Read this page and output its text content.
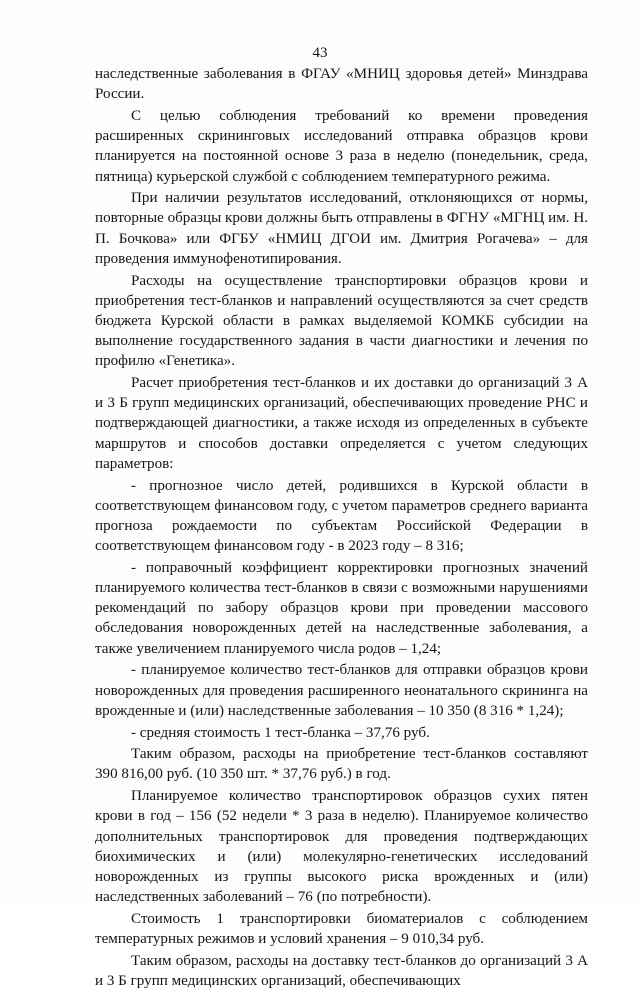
43

наследственные заболевания в ФГАУ «МНИЦ здоровья детей» Минздрава России.

С целью соблюдения требований ко времени проведения расширенных скрининговых исследований отправка образцов крови планируется на постоянной основе 3 раза в неделю (понедельник, среда, пятница) курьерской службой с соблюдением температурного режима.

При наличии результатов исследований, отклоняющихся от нормы, повторные образцы крови должны быть отправлены в ФГНУ «МГНЦ им. Н. П. Бочкова» или ФГБУ «НМИЦ ДГОИ им. Дмитрия Рогачева» – для проведения иммунофенотипирования.

Расходы на осуществление транспортировки образцов крови и приобретения тест-бланков и направлений осуществляются за счет средств бюджета Курской области в рамках выделяемой КОМКБ субсидии на выполнение государственного задания в части диагностики и лечения по профилю «Генетика».

Расчет приобретения тест-бланков и их доставки до организаций 3 А и 3 Б групп медицинских организаций, обеспечивающих проведение РНС и подтверждающей диагностики, а также исходя из определенных в субъекте маршрутов и способов доставки определяется с учетом следующих параметров:

- прогнозное число детей, родившихся в Курской области в соответствующем финансовом году, с учетом параметров среднего варианта прогноза рождаемости по субъектам Российской Федерации в соответствующем финансовом году - в 2023 году – 8 316;

- поправочный коэффициент корректировки прогнозных значений планируемого количества тест-бланков в связи с возможными нарушениями рекомендаций по забору образцов крови при проведении массового обследования новорожденных детей на наследственные заболевания, а также увеличением планируемого числа родов – 1,24;

- планируемое количество тест-бланков для отправки образцов крови новорожденных для проведения расширенного неонатального скрининга на врожденные и (или) наследственные заболевания – 10 350 (8 316 * 1,24);

- средняя стоимость 1 тест-бланка – 37,76 руб.

Таким образом, расходы на приобретение тест-бланков составляют 390 816,00 руб. (10 350 шт. * 37,76 руб.) в год.

Планируемое количество транспортировок образцов сухих пятен крови в год – 156 (52 недели * 3 раза в неделю). Планируемое количество дополнительных транспортировок для проведения подтверждающих биохимических и (или) молекулярно-генетических исследований новорожденных из группы высокого риска врожденных и (или) наследственных заболеваний – 76 (по потребности).

Стоимость 1 транспортировки биоматериалов с соблюдением температурных режимов и условий хранения – 9 010,34 руб.

Таким образом, расходы на доставку тест-бланков до организаций 3 А и 3 Б групп медицинских организаций, обеспечивающих
